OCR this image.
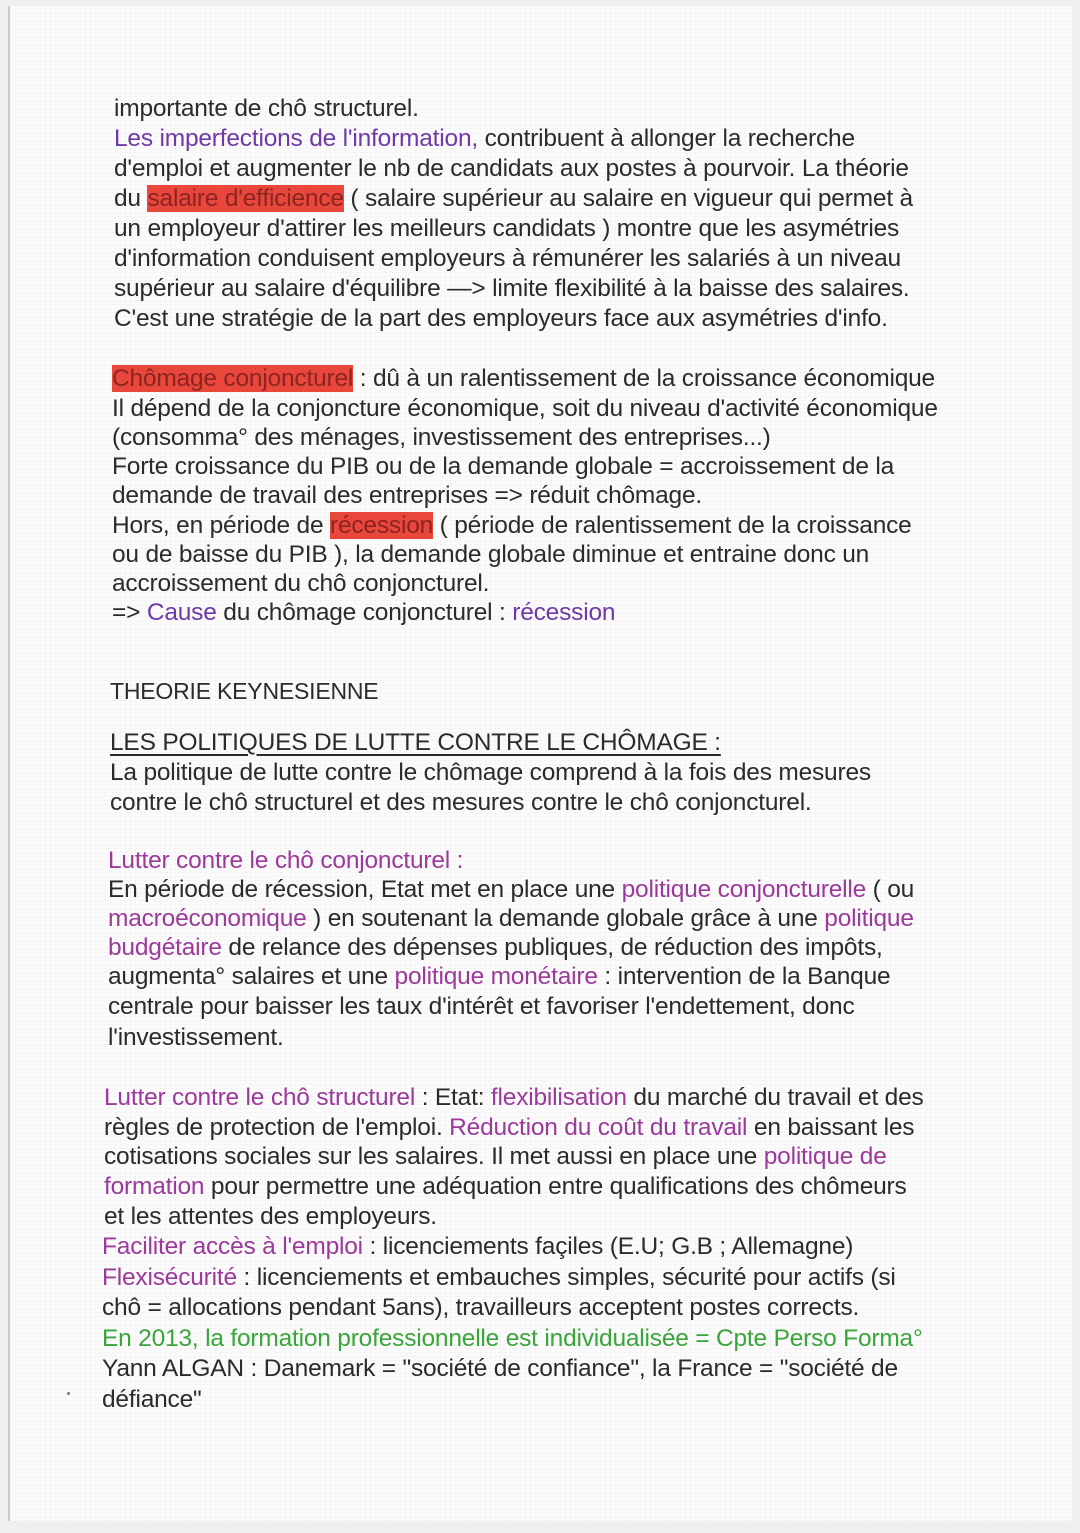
importante de chô structurel.
Les imperfections de l'information, contribuent à allonger la recherche
d'emploi et augmenter le nb de candidats aux postes à pourvoir. La théorie
du salaire d'efficience ( salaire supérieur au salaire en vigueur qui permet à
un employeur d'attirer les meilleurs candidats ) montre que les asymétries
d'information conduisent employeurs à rémunérer les salariés à un niveau
supérieur au salaire d'équilibre —> limite flexibilité à la baisse des salaires.
C'est une stratégie de la part des employeurs face aux asymétries d'info.
Chômage conjoncturel : dû à un ralentissement de la croissance économique
Il dépend de la conjoncture économique, soit du niveau d'activité économique
(consomma° des ménages, investissement des entreprises...)
Forte croissance du PIB ou de la demande globale = accroissement de la
demande de travail des entreprises => réduit chômage.
Hors, en période de récession ( période de ralentissement de la croissance
ou de baisse du PIB ), la demande globale diminue et entraine donc un
accroissement du chô conjoncturel.
=> Cause du chômage conjoncturel : récession
THEORIE KEYNESIENNE
LES POLITIQUES DE LUTTE CONTRE LE CHÔMAGE :
La politique de lutte contre le chômage comprend à la fois des mesures
contre le chô structurel et des mesures contre le chô conjoncturel.
Lutter contre le chô conjoncturel :
En période de récession, Etat met en place une politique conjoncturelle ( ou
macroéconomique ) en soutenant la demande globale grâce à une politique
budgétaire de relance des dépenses publiques, de réduction des impôts,
augmenta° salaires et une politique monétaire : intervention de la Banque
centrale pour baisser les taux d'intérêt et favoriser l'endettement, donc
l'investissement.
Lutter contre le chô structurel : Etat: flexibilisation du marché du travail et des
règles de protection de l'emploi. Réduction du coût du travail en baissant les
cotisations sociales sur les salaires. Il met aussi en place une politique de
formation pour permettre une adéquation entre qualifications des chômeurs
et les attentes des employeurs.
Faciliter accès à l'emploi : licenciements façiles (E.U; G.B ; Allemagne)
Flexisécurité : licenciements et embauches simples, sécurité pour actifs (si
chô = allocations pendant 5ans), travailleurs acceptent postes corrects.
En 2013, la formation professionnelle est individualisée = Cpte Perso Forma°
Yann ALGAN : Danemark = "société de confiance", la France = "société de
défiance"
